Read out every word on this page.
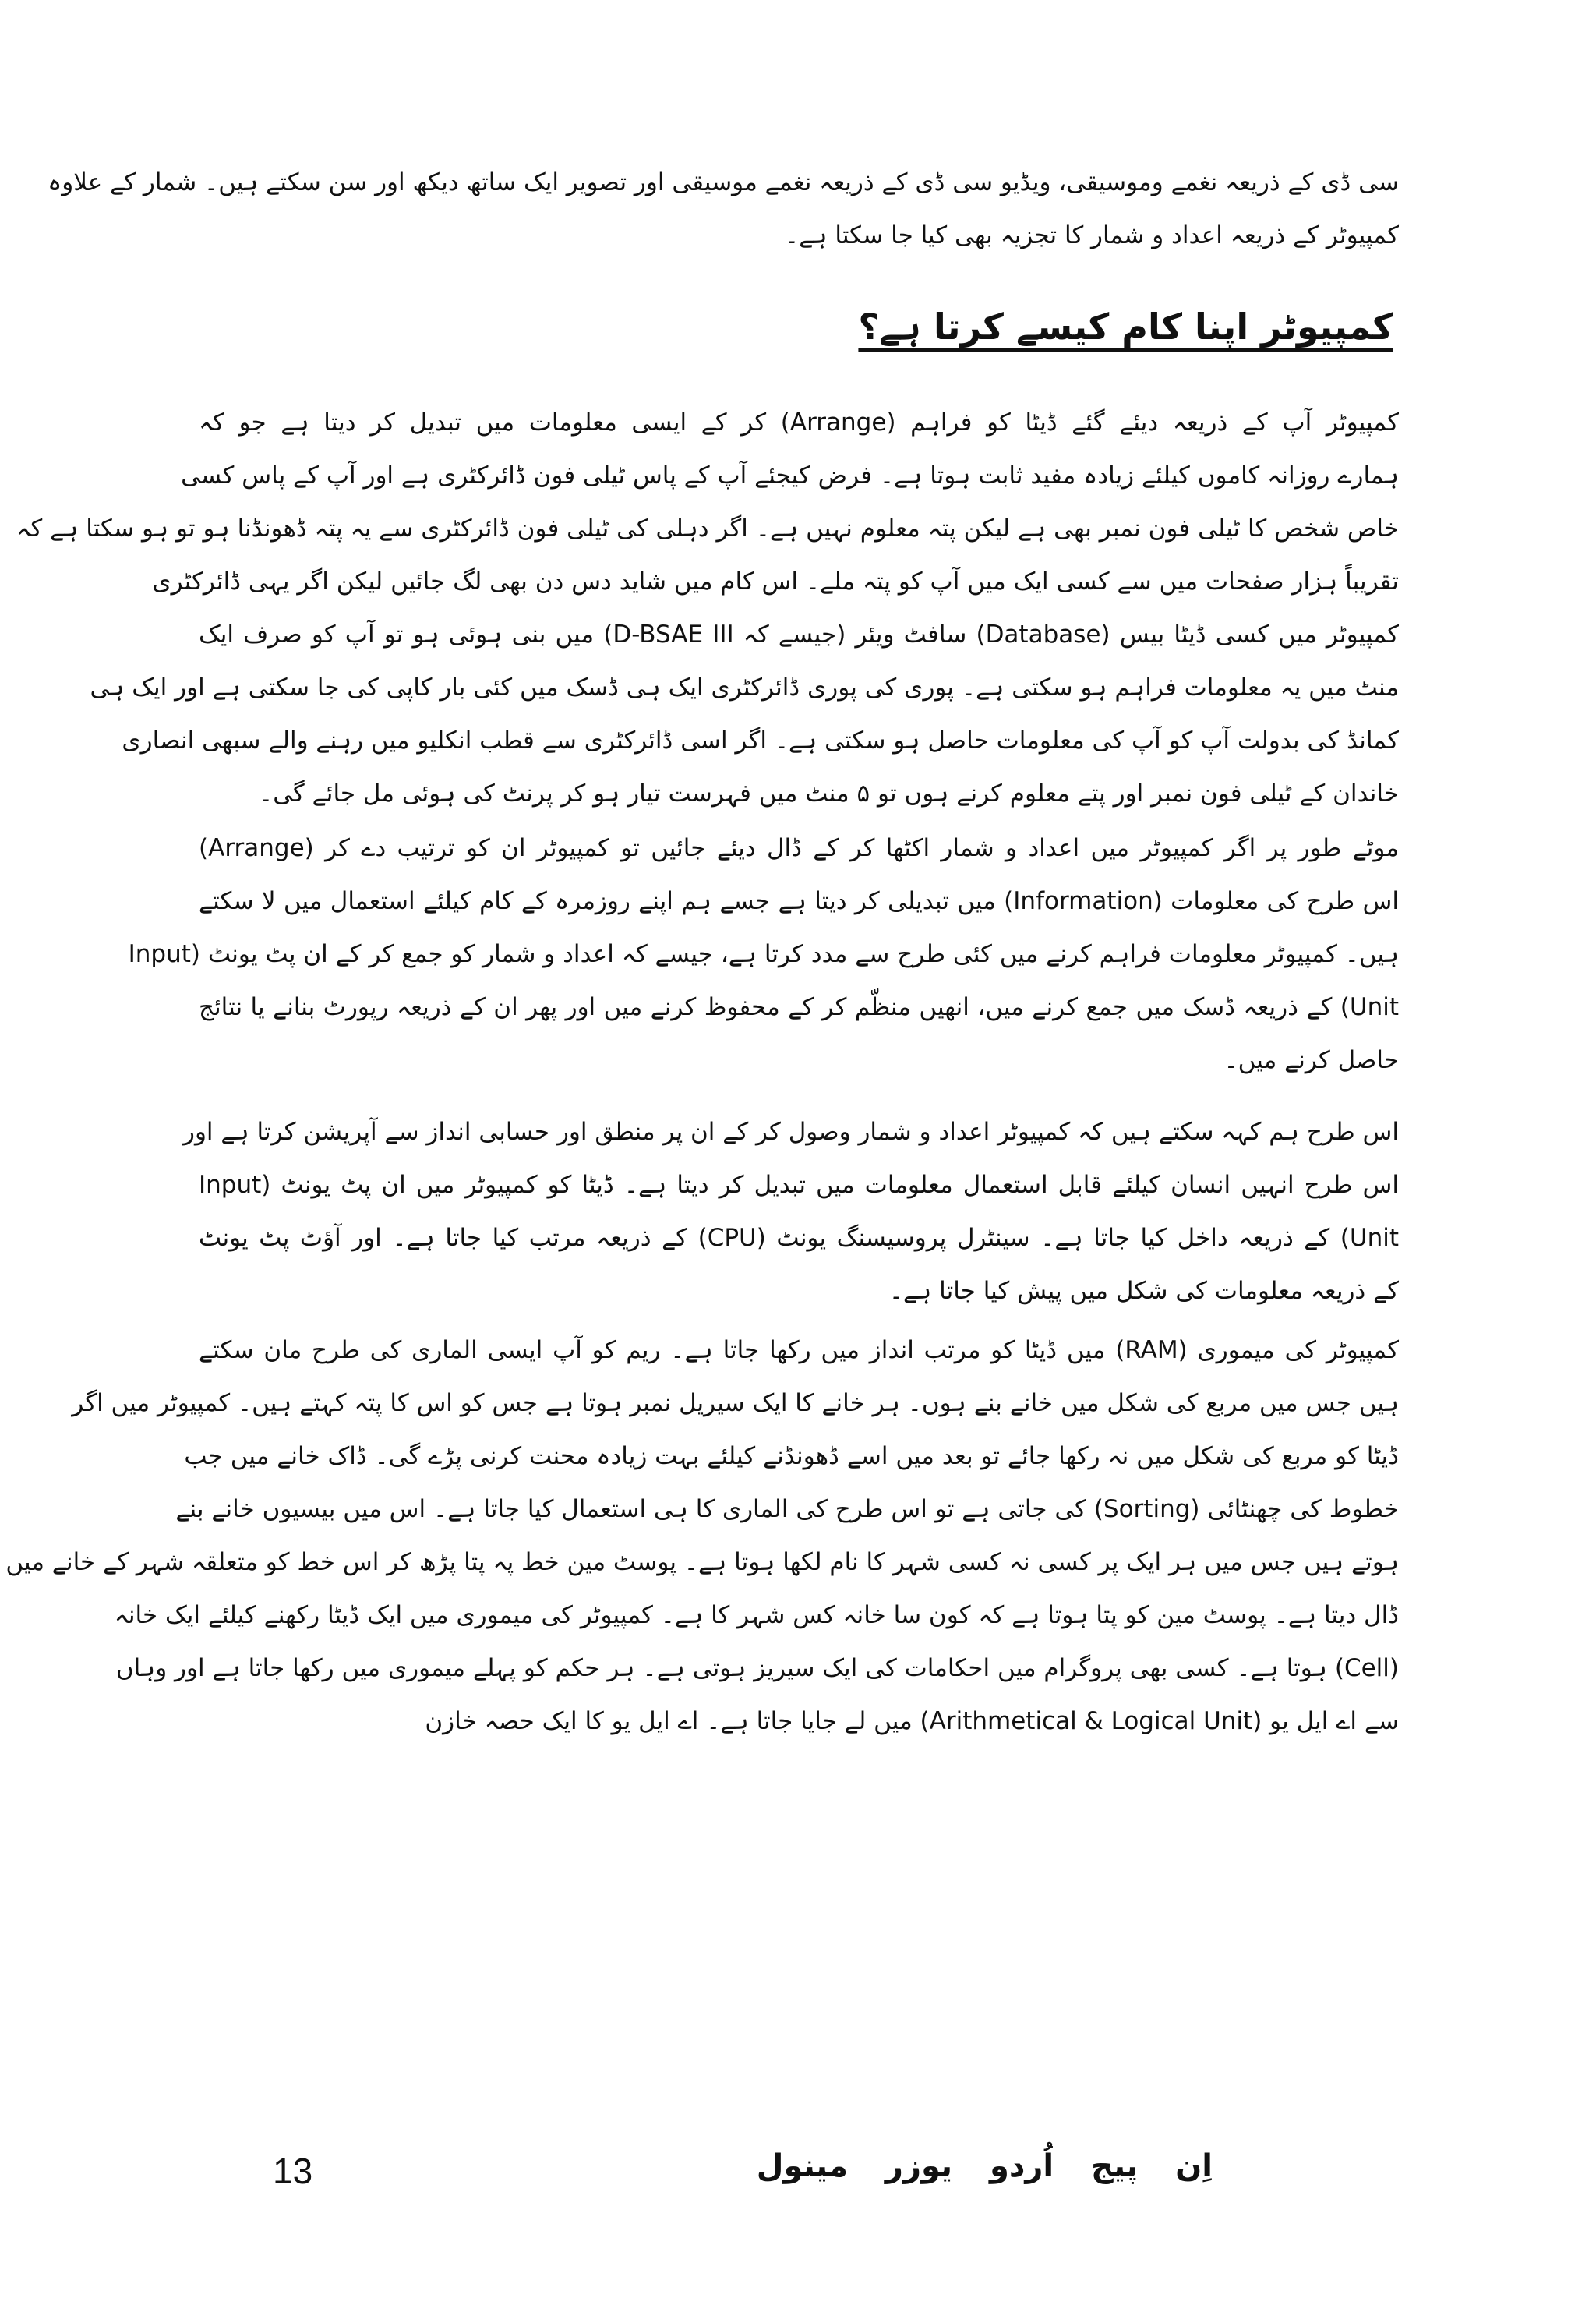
سی ڈی کے ذریعہ نغمے وموسیقی، ویڈیو سی ڈی کے ذریعہ نغمے موسیقی اور تصویر ایک ساتھ دیکھ اور سن سکتے ہیں۔ شمار کے علاوہ
کمپیوٹر کے ذریعہ اعداد و شمار کا تجزیہ بھی کیا جا سکتا ہے۔
کمپیوٹر اپنا کام کیسے کرتا ہے؟
کمپیوٹر آپ کے ذریعہ دیئے گئے ڈیٹا کو فراہم (Arrange) کر کے ایسی معلومات میں تبدیل کر دیتا ہے جو کہ
ہمارے روزانہ کاموں کیلئے زیادہ مفید ثابت ہوتا ہے۔ فرض کیجئے آپ کے پاس ٹیلی فون ڈائرکٹری ہے اور آپ کے پاس کسی
خاص شخص کا ٹیلی فون نمبر بھی ہے لیکن پتہ معلوم نہیں ہے۔ اگر دہلی کی ٹیلی فون ڈائرکٹری سے یہ پتہ ڈھونڈنا ہو تو ہو سکتا ہے کہ
تقریباً ہزار صفحات میں سے کسی ایک میں آپ کو پتہ ملے۔ اس کام میں شاید دس دن بھی لگ جائیں لیکن اگر یہی ڈائرکٹری
کمپیوٹر میں کسی ڈیٹا بیس (Database) سافٹ ویئر (جیسے کہ D-BSAE III) میں بنی ہوئی ہو تو آپ کو صرف ایک
منٹ میں یہ معلومات فراہم ہو سکتی ہے۔ پوری کی پوری ڈائرکٹری ایک ہی ڈسک میں کئی بار کاپی کی جا سکتی ہے اور ایک ہی
کمانڈ کی بدولت آپ کو آپ کی معلومات حاصل ہو سکتی ہے۔ اگر اسی ڈائرکٹری سے قطب انکلیو میں رہنے والے سبھی انصاری
خاندان کے ٹیلی فون نمبر اور پتے معلوم کرنے ہوں تو ۵ منٹ میں فہرست تیار ہو کر پرنٹ کی ہوئی مل جائے گی۔
موٹے طور پر اگر کمپیوٹر میں اعداد و شمار اکٹھا کر کے ڈال دیئے جائیں تو کمپیوٹر ان کو ترتیب دے کر (Arrange)
اس طرح کی معلومات (Information) میں تبدیلی کر دیتا ہے جسے ہم اپنے روزمرہ کے کام کیلئے استعمال میں لا سکتے
ہیں۔ کمپیوٹر معلومات فراہم کرنے میں کئی طرح سے مدد کرتا ہے، جیسے کہ اعداد و شمار کو جمع کر کے ان پٹ یونٹ (Input
Unit) کے ذریعہ ڈسک میں جمع کرنے میں، انھیں منظّم کر کے محفوظ کرنے میں اور پھر ان کے ذریعہ رپورٹ بنانے یا نتائج
حاصل کرنے میں۔
اس طرح ہم کہہ سکتے ہیں کہ کمپیوٹر اعداد و شمار وصول کر کے ان پر منطق اور حسابی انداز سے آپریشن کرتا ہے اور
اس طرح انہیں انسان کیلئے قابل استعمال معلومات میں تبدیل کر دیتا ہے۔ ڈیٹا کو کمپیوٹر میں ان پٹ یونٹ (Input
Unit) کے ذریعہ داخل کیا جاتا ہے۔ سینٹرل پروسیسنگ یونٹ (CPU) کے ذریعہ مرتب کیا جاتا ہے۔ اور آؤٹ پٹ یونٹ
کے ذریعہ معلومات کی شکل میں پیش کیا جاتا ہے۔
کمپیوٹر کی میموری (RAM) میں ڈیٹا کو مرتب انداز میں رکھا جاتا ہے۔ ریم کو آپ ایسی الماری کی طرح مان سکتے
ہیں جس میں مربع کی شکل میں خانے بنے ہوں۔ ہر خانے کا ایک سیریل نمبر ہوتا ہے جس کو اس کا پتہ کہتے ہیں۔ کمپیوٹر میں اگر
ڈیٹا کو مربع کی شکل میں نہ رکھا جائے تو بعد میں اسے ڈھونڈنے کیلئے بہت زیادہ محنت کرنی پڑے گی۔ ڈاک خانے میں جب
خطوط کی چھنٹائی (Sorting) کی جاتی ہے تو اس طرح کی الماری کا ہی استعمال کیا جاتا ہے۔ اس میں بیسیوں خانے بنے
ہوتے ہیں جس میں ہر ایک پر کسی نہ کسی شہر کا نام لکھا ہوتا ہے۔ پوسٹ مین خط پہ پتا پڑھ کر اس خط کو متعلقہ شہر کے خانے میں
ڈال دیتا ہے۔ پوسٹ مین کو پتا ہوتا ہے کہ کون سا خانہ کس شہر کا ہے۔ کمپیوٹر کی میموری میں ایک ڈیٹا رکھنے کیلئے ایک خانہ
(Cell) ہوتا ہے۔ کسی بھی پروگرام میں احکامات کی ایک سیریز ہوتی ہے۔ ہر حکم کو پہلے میموری میں رکھا جاتا ہے اور وہاں
سے اے ایل یو (Arithmetical & Logical Unit) میں لے جایا جاتا ہے۔ اے ایل یو کا ایک حصہ خازن
13	اِن پیج اُردو یوزر مینول
